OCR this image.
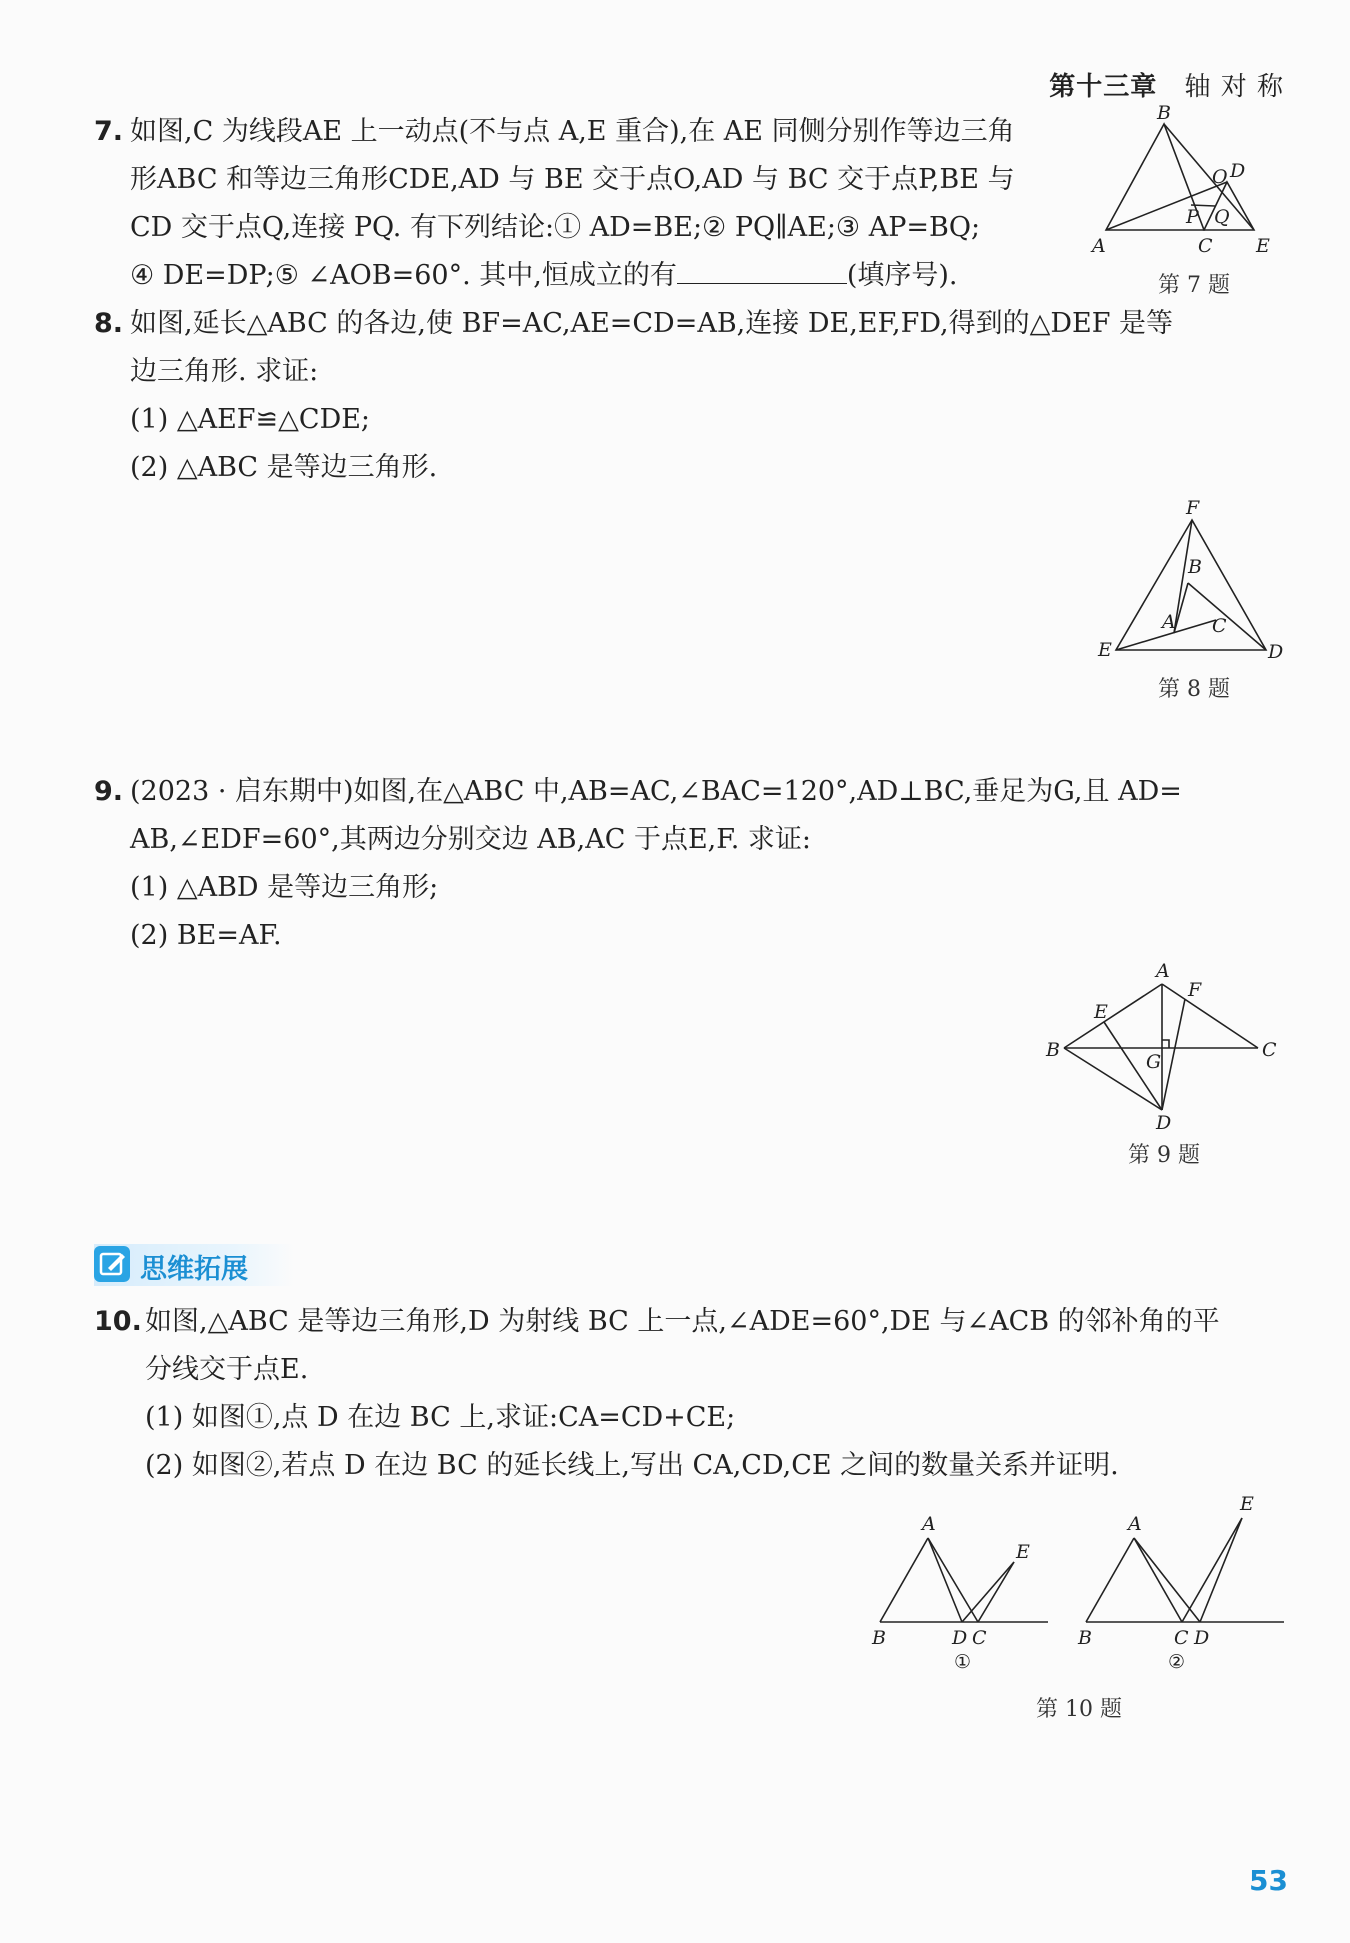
第十三章 轴 对 称
7. 如图,C 为线段AE 上一动点(不与点 A,E 重合),在 AE 同侧分别作等边三角
形ABC 和等边三角形CDE,AD 与 BE 交于点O,AD 与 BC 交于点P,BE 与
CD 交于点Q,连接 PQ. 有下列结论:① AD=BE;② PQ∥AE;③ AP=BQ;
④ DE=DP;⑤ ∠AOB=60°. 其中,恒成立的有	(填序号).
A
B
C
D
E
O
P Q
第 7 题
8. 如图,延长△ABC 的各边,使 BF=AC,AE=CD=AB,连接 DE,EF,FD,得到的△DEF 是等
边三角形. 求证:
(1) △AEF≌△CDE;
(2) △ABC 是等边三角形.
F
B
A C
E	D
第 8 题
9. (2023 · 启东期中)如图,在△ABC 中,AB=AC,∠BAC=120°,AD⊥BC,垂足为G,且 AD=
AB,∠EDF=60°,其两边分别交边 AB,AC 于点E,F. 求证:
(1) △ABD 是等边三角形;
(2) BE=AF.
A
F
E
B	C
G
D
第 9 题
思维拓展
10. 如图,△ABC 是等边三角形,D 为射线 BC 上一点,∠ADE=60°,DE 与∠ACB 的邻补角的平
分线交于点E.
(1) 如图①,点 D 在边 BC 上,求证:CA=CD+CE;
(2) 如图②,若点 D 在边 BC 的延长线上,写出 CA,CD,CE 之间的数量关系并证明.
A
E
B	D C
①
A
E
B	C D
②
第 10 题
53
